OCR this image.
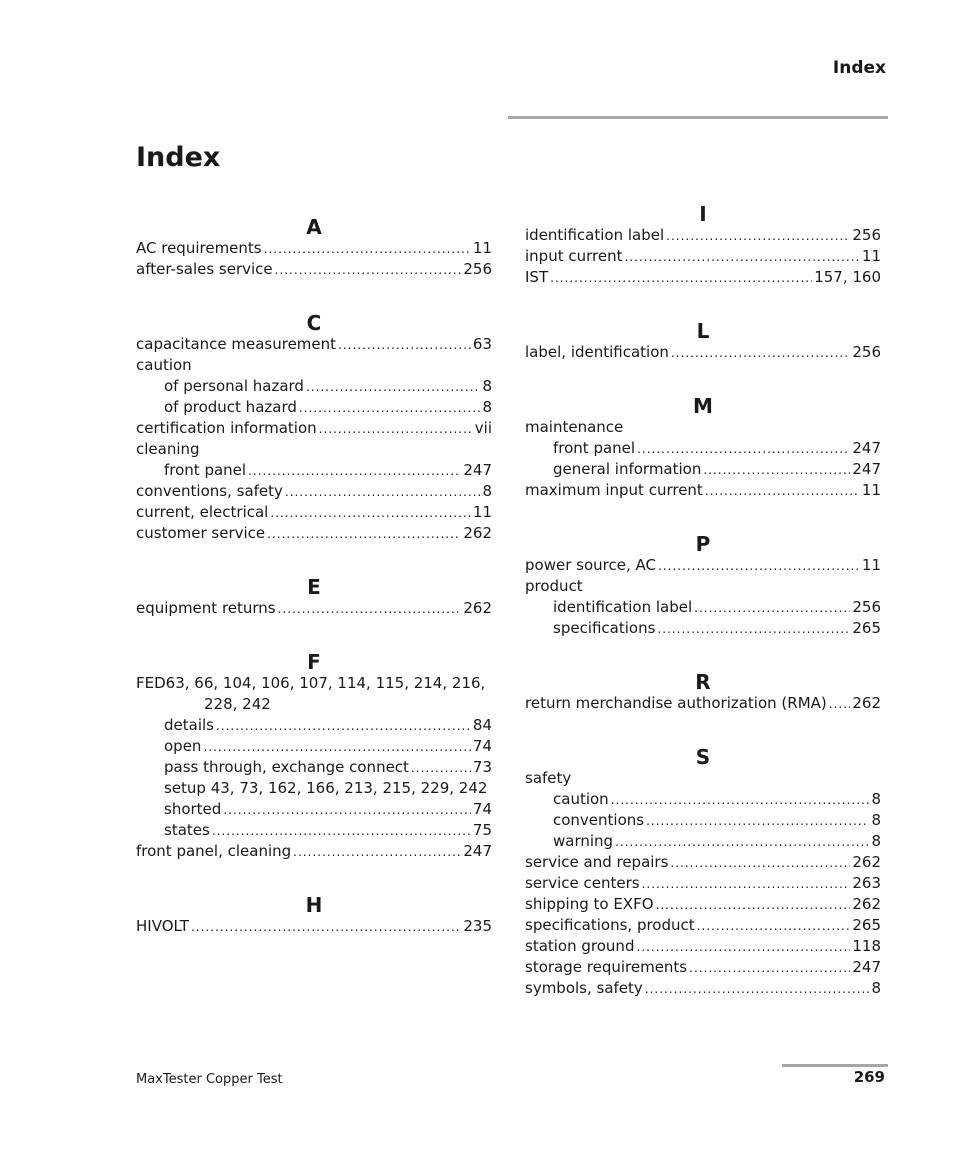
Index
Index
A
AC requirements .....	11
after-sales service .....	256
C
capacitance measurement .....	63
caution
of personal hazard .....	8
of product hazard .....	8
certification information .....	vii
cleaning
front panel .....	247
conventions, safety .....	8
current, electrical .....	11
customer service .....	262
E
equipment returns .....	262
F
FED63, 66, 104, 106, 107, 114, 115, 214, 216,
228, 242
details .....	84
open .....	74
pass through, exchange connect .....	73
setup 43, 73, 162, 166, 213, 215, 229, 242
shorted .....	74
states .....	75
front panel, cleaning .....	247
H
HIVOLT .....	235
I
identification label .....	256
input current .....	11
IST .....	157, 160
L
label, identification .....	256
M
maintenance
front panel .....	247
general information .....	247
maximum input current .....	11
P
power source, AC .....	11
product
identification label .....	256
specifications .....	265
R
return merchandise authorization (RMA) ..... 262
S
safety
caution .....	8
conventions .....	8
warning .....	8
service and repairs .....	262
service centers .....	263
shipping to EXFO .....	262
specifications, product .....	265
station ground .....	118
storage requirements .....	247
symbols, safety .....	8
MaxTester Copper Test	269
